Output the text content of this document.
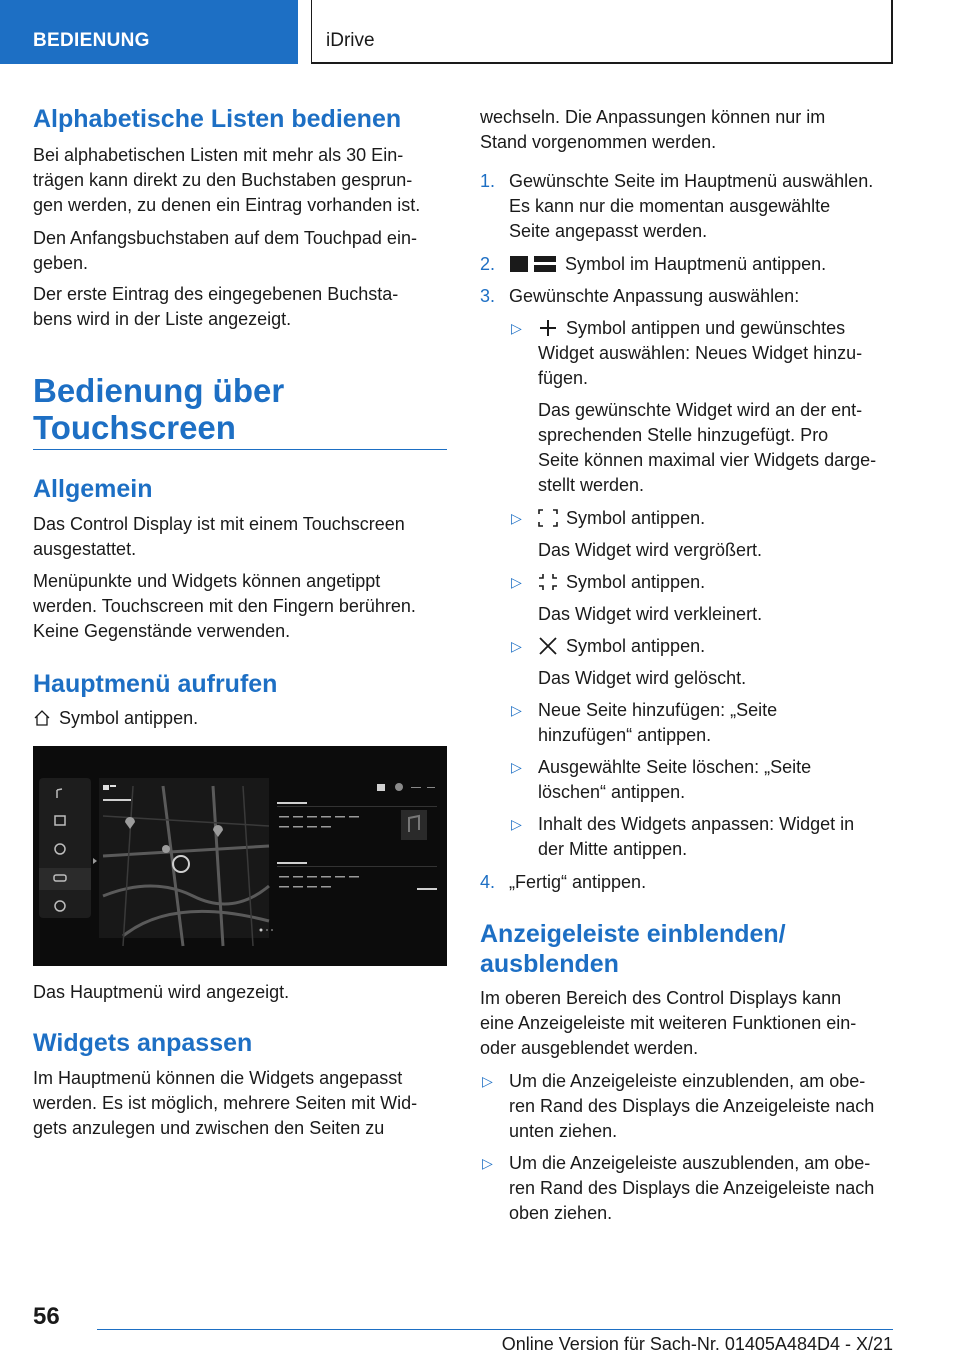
BEDIENUNG	iDrive
Alphabetische Listen bedienen

Bei alphabetischen Listen mit mehr als 30 Ein-
trägen kann direkt zu den Buchstaben gesprun-
gen werden, zu denen ein Eintrag vorhanden ist.

Den Anfangsbuchstaben auf dem Touchpad ein-
geben.

Der erste Eintrag des eingegebenen Buchsta-
bens wird in der Liste angezeigt.

Bedienung über
Touchscreen
Allgemein

Das Control Display ist mit einem Touchscreen
ausgestattet.

Menüpunkte und Widgets können angetippt
werden. Touchscreen mit den Fingern berühren.
Keine Gegenstände verwenden.

Hauptmenü aufrufen

Symbol antippen.

Das Hauptmenü wird angezeigt.

Widgets anpassen

Im Hauptmenü können die Widgets angepasst
werden. Es ist möglich, mehrere Seiten mit Wid-
gets anzulegen und zwischen den Seiten zu

wechseln. Die Anpassungen können nur im
Stand vorgenommen werden.

1. Gewünschte Seite im Hauptmenü auswählen.
Es kann nur die momentan ausgewählte
Seite angepasst werden.

2.	Symbol im Hauptmenü antippen.

3. Gewünschte Anpassung auswählen:

▷	Symbol antippen und gewünschtes
Widget auswählen: Neues Widget hinzu-
fügen.

Das gewünschte Widget wird an der ent-
sprechenden Stelle hinzugefügt. Pro
Seite können maximal vier Widgets darge-
stellt werden.

▷	Symbol antippen.

Das Widget wird vergrößert.

▷	Symbol antippen.

Das Widget wird verkleinert.

▷	Symbol antippen.

Das Widget wird gelöscht.

▷ Neue Seite hinzufügen: „Seite
hinzufügen“ antippen.

▷ Ausgewählte Seite löschen: „Seite
löschen“ antippen.

▷ Inhalt des Widgets anpassen: Widget in
der Mitte antippen.

4. „Fertig“ antippen.

Anzeigeleiste einblenden/
ausblenden

Im oberen Bereich des Control Displays kann
eine Anzeigeleiste mit weiteren Funktionen ein-
oder ausgeblendet werden.

▷ Um die Anzeigeleiste einzublenden, am obe-
ren Rand des Displays die Anzeigeleiste nach
unten ziehen.

▷ Um die Anzeigeleiste auszublenden, am obe-
ren Rand des Displays die Anzeigeleiste nach
oben ziehen.

56
Online Version für Sach-Nr. 01405A484D4 - X/21
